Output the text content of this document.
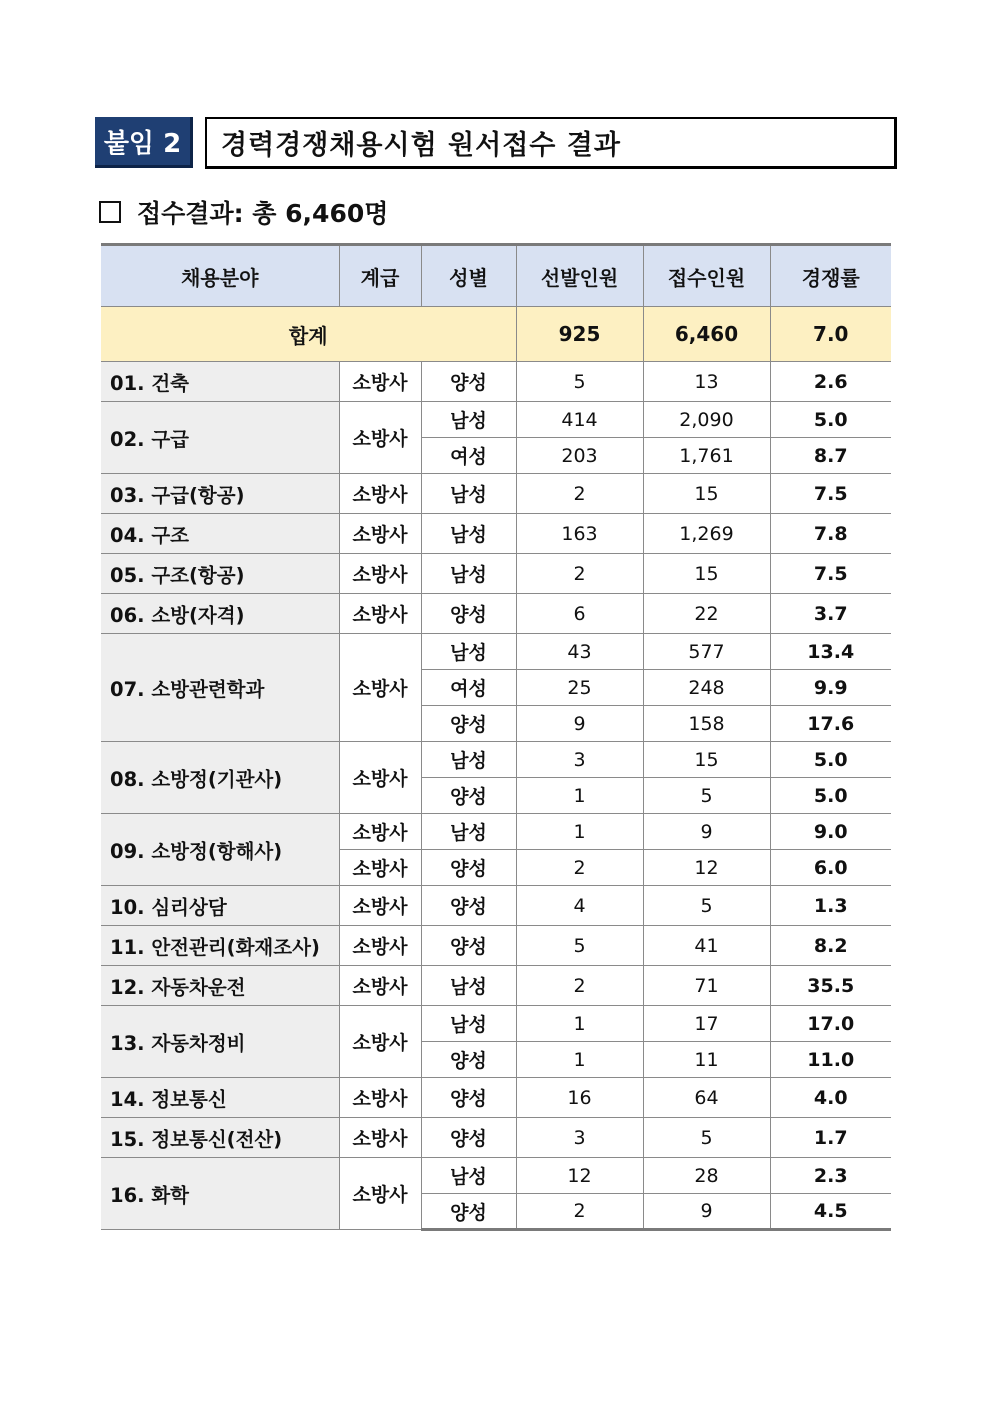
붙임 2	경력경쟁채용시험 원서접수 결과
접수결과: 총 6,460명
채용분야	계급	성별	선발인원	접수인원	경쟁률
합계			925	6,460	7.0
01. 건축	소방사	양성	5	13	2.6
02. 구급	소방사	남성	414	2,090	5.0
		여성	203	1,761	8.7
03. 구급(항공)	소방사	남성	2	15	7.5
04. 구조	소방사	남성	163	1,269	7.8
05. 구조(항공)	소방사	남성	2	15	7.5
06. 소방(자격)	소방사	양성	6	22	3.7
07. 소방관련학과	소방사	남성	43	577	13.4
		여성	25	248	9.9
		양성	9	158	17.6
08. 소방정(기관사)	소방사	남성	3	15	5.0
		양성	1	5	5.0
09. 소방정(항해사)	소방사	남성	1	9	9.0
	소방사	양성	2	12	6.0
10. 심리상담	소방사	양성	4	5	1.3
11. 안전관리(화재조사)	소방사	양성	5	41	8.2
12. 자동차운전	소방사	남성	2	71	35.5
13. 자동차정비	소방사	남성	1	17	17.0
		양성	1	11	11.0
14. 정보통신	소방사	양성	16	64	4.0
15. 정보통신(전산)	소방사	양성	3	5	1.7
16. 화학	소방사	남성	12	28	2.3
		양성	2	9	4.5
